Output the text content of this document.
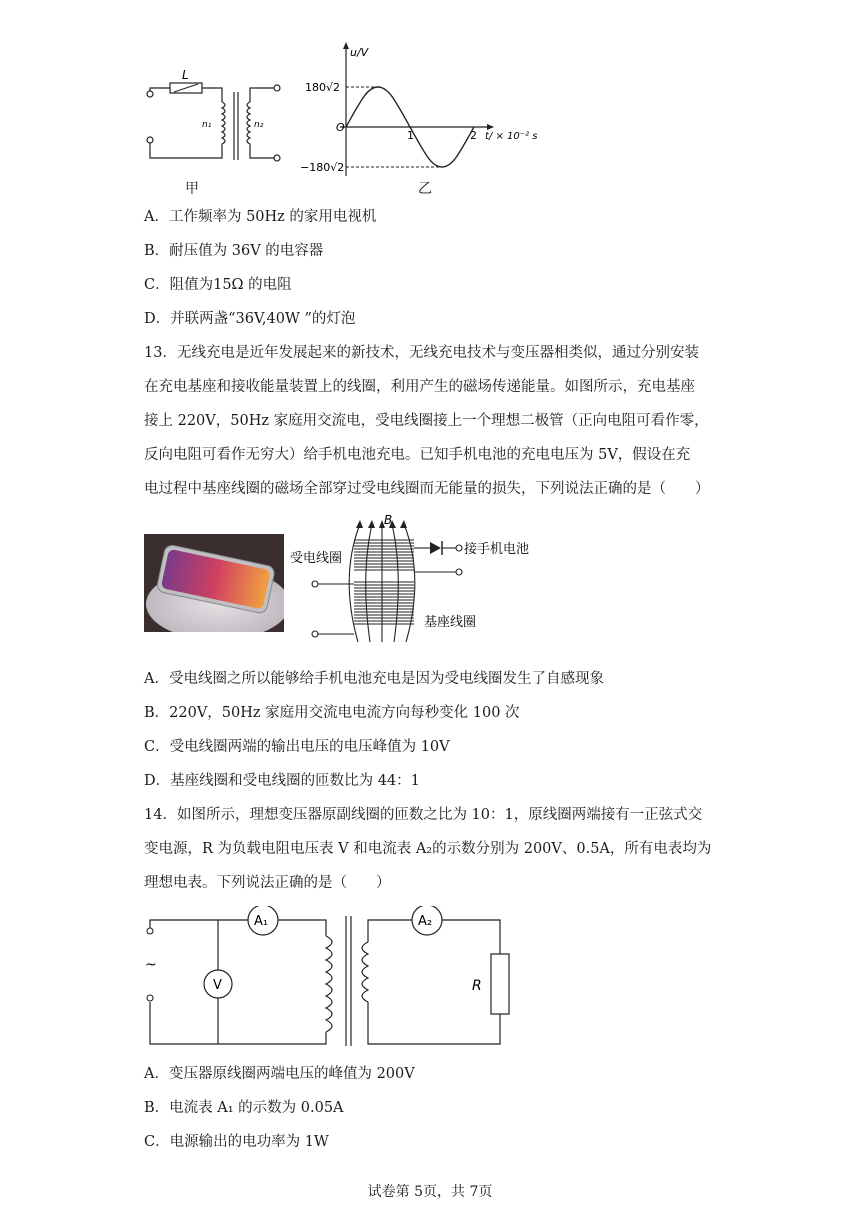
L
n₁	n₂
甲
u/V
O
180√2
−180√2
1	2 t/ × 10⁻² s
乙
A．工作频率为 50Hz 的家用电视机
B．耐压值为 36V 的电容器
C．阻值为15Ω 的电阻
D．并联两盏“36V,40W ”的灯泡
13．无线充电是近年发展起来的新技术，无线充电技术与变压器相类似，通过分别安装
在充电基座和接收能量装置上的线圈，利用产生的磁场传递能量。如图所示，充电基座
接上 220V，50Hz 家庭用交流电，受电线圈接上一个理想二极管（正向电阻可看作零，
反向电阻可看作无穷大）给手机电池充电。已知手机电池的充电电压为 5V，假设在充
电过程中基座线圈的磁场全部穿过受电线圈而无能量的损失，下列说法正确的是（　　）
B
受电线圈
基座线圈
接手机电池
A．受电线圈之所以能够给手机电池充电是因为受电线圈发生了自感现象
B．220V，50Hz 家庭用交流电电流方向每秒变化 100 次
C．受电线圈两端的输出电压的电压峰值为 10V
D．基座线圈和受电线圈的匝数比为 44：1
14．如图所示，理想变压器原副线圈的匝数之比为 10：1，原线圈两端接有一正弦式交
变电源，R 为负载电阻电压表 V 和电流表 A₂的示数分别为 200V、0.5A，所有电表均为
理想电表。下列说法正确的是（　　）
A₁	A₂
V	R
~
A．变压器原线圈两端电压的峰值为 200V
B．电流表 A₁ 的示数为 0.05A
C．电源输出的电功率为 1W
试卷第 5页，共 7页
